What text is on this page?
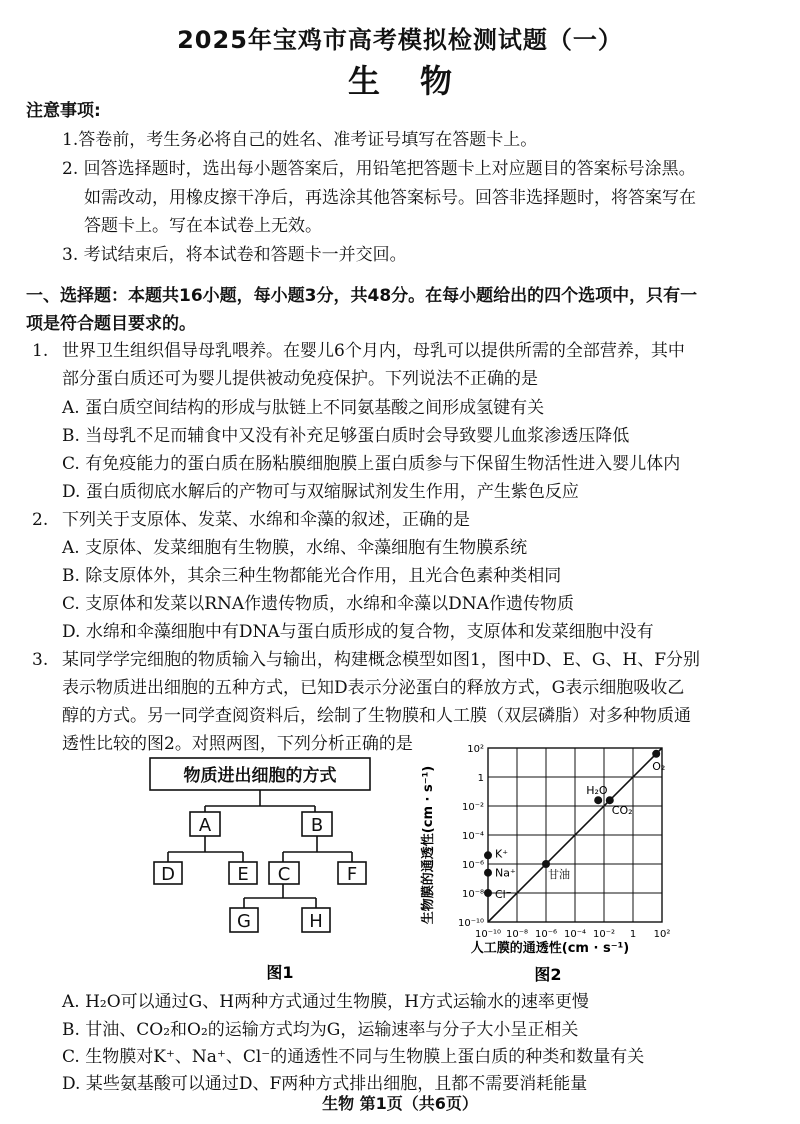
2025年宝鸡市高考模拟检测试题（一）
生物
注意事项:
1.答卷前，考生务必将自己的姓名、准考证号填写在答题卡上。
2. 回答选择题时，选出每小题答案后，用铅笔把答题卡上对应题目的答案标号涂黑。
如需改动，用橡皮擦干净后，再选涂其他答案标号。回答非选择题时，将答案写在
答题卡上。写在本试卷上无效。
3. 考试结束后，将本试卷和答题卡一并交回。
一、选择题：本题共16小题，每小题3分，共48分。在每小题给出的四个选项中，只有一
项是符合题目要求的。
1. 世界卫生组织倡导母乳喂养。在婴儿6个月内，母乳可以提供所需的全部营养，其中
部分蛋白质还可为婴儿提供被动免疫保护。下列说法不正确的是
A. 蛋白质空间结构的形成与肽链上不同氨基酸之间形成氢键有关
B. 当母乳不足而辅食中又没有补充足够蛋白质时会导致婴儿血浆渗透压降低
C. 有免疫能力的蛋白质在肠粘膜细胞膜上蛋白质参与下保留生物活性进入婴儿体内
D. 蛋白质彻底水解后的产物可与双缩脲试剂发生作用，产生紫色反应
2. 下列关于支原体、发菜、水绵和伞藻的叙述，正确的是
A. 支原体、发菜细胞有生物膜，水绵、伞藻细胞有生物膜系统
B. 除支原体外，其余三种生物都能光合作用，且光合色素种类相同
C. 支原体和发菜以RNA作遗传物质，水绵和伞藻以DNA作遗传物质
D. 水绵和伞藻细胞中有DNA与蛋白质形成的复合物，支原体和发菜细胞中没有
3. 某同学学完细胞的物质输入与输出，构建概念模型如图1，图中D、E、G、H、F分别
表示物质进出细胞的五种方式，已知D表示分泌蛋白的释放方式，G表示细胞吸收乙
醇的方式。另一同学查阅资料后，绘制了生物膜和人工膜（双层磷脂）对多种物质通
透性比较的图2。对照两图，下列分析正确的是
物质进出细胞的方式
A	B
D	E C	F
G	H
图1
O₂
H₂O
CO₂
甘油
K⁺
Na⁺
Cl⁻
10⁻¹⁰ 10⁻⁸ 10⁻⁶ 10⁻⁴ 10⁻² 1 10²
10²
1
10⁻²
10⁻⁴
10⁻⁶
10⁻⁸
10⁻¹⁰
人工膜的通透性(cm · s⁻¹)
生物膜的通透性(cm · s⁻¹)
图2
A. H₂O可以通过G、H两种方式通过生物膜，H方式运输水的速率更慢
B. 甘油、CO₂和O₂的运输方式均为G，运输速率与分子大小呈正相关
C. 生物膜对K⁺、Na⁺、Cl⁻的通透性不同与生物膜上蛋白质的种类和数量有关
D. 某些氨基酸可以通过D、F两种方式排出细胞，且都不需要消耗能量
生物 第1页（共6页）
